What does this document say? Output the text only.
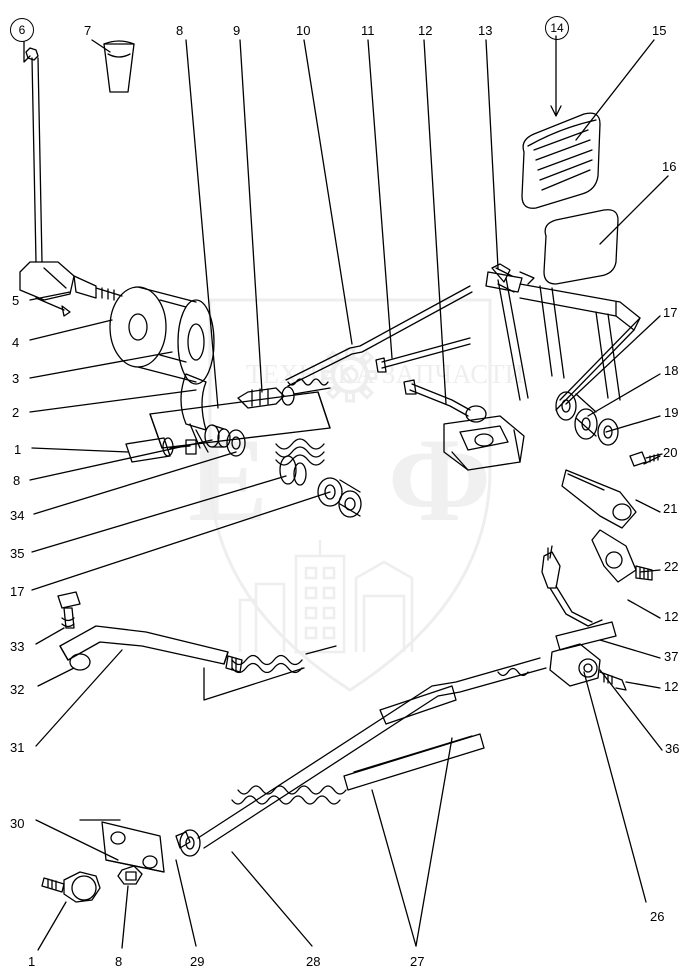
Е Ф
ТЕХНИКА ЗАПЧАСТИ
6	7	8	9	10	11	12	13	14	15
16
17
18
19
20
21
22
12
37
12
36
26
5
4
3
2
1
8
34
35
17
33
32
31
30
1	8	29	28	27
